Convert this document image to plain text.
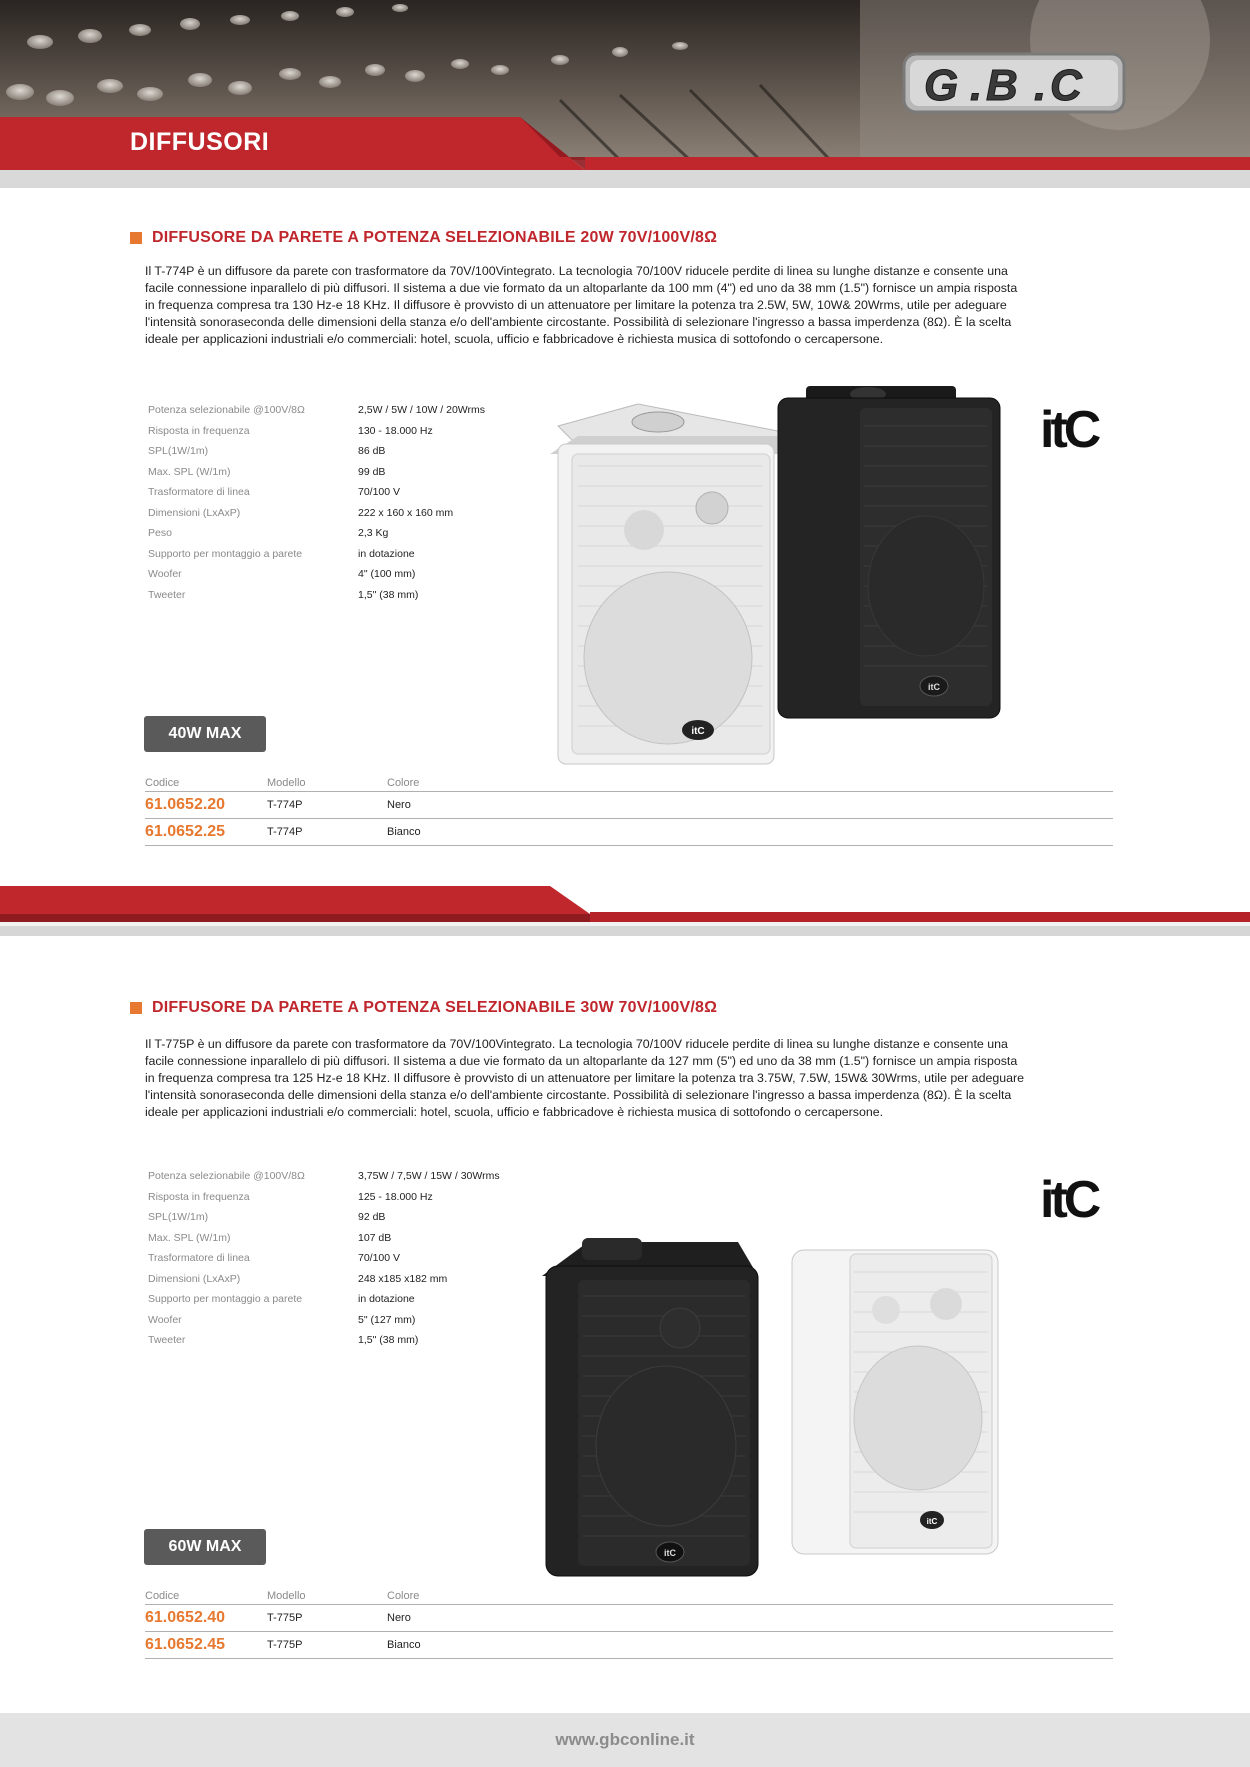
DIFFUSORI
G . B . C
DIFFUSORE DA PARETE A POTENZA SELEZIONABILE 20W 70V/100V/8Ω
Il T-774P è un diffusore da parete con trasformatore da 70V/100Vintegrato. La tecnologia 70/100V riducele perdite di linea su lunghe distanze e consente una
facile connessione inparallelo di più diffusori. Il sistema a due vie formato da un altoparlante da 100 mm (4") ed uno da 38 mm (1.5") fornisce un ampia risposta
in frequenza compresa tra 130 Hz-e 18 KHz. Il diffusore è provvisto di un attenuatore per limitare la potenza tra 2.5W, 5W, 10W& 20Wrms, utile per adeguare
l'intensità sonoraseconda delle dimensioni della stanza e/o dell'ambiente circostante. Possibilità di selezionare l'ingresso a bassa imperdenza (8Ω). È la scelta
ideale per applicazioni industriali e/o commerciali: hotel, scuola, ufficio e fabbricadove è richiesta musica di sottofondo o cercapersone.
Potenza selezionabile @100V/8Ω	2,5W / 5W / 10W / 20Wrms
Risposta in frequenza	130 - 18.000 Hz
SPL(1W/1m)	86 dB
Max. SPL (W/1m)	99 dB
Trasformatore di linea	70/100 V
Dimensioni (LxAxP)	222 x 160 x 160 mm
Peso	2,3 Kg
Supporto per montaggio a parete	in dotazione
Woofer	4" (100 mm)
Tweeter	1,5" (38 mm)
itC
itC
itC
40W MAX
Codice	Modello	Colore
61.0652.20	T-774P	Nero
61.0652.25	T-774P	Bianco
DIFFUSORE DA PARETE A POTENZA SELEZIONABILE 30W 70V/100V/8Ω
Il T-775P è un diffusore da parete con trasformatore da 70V/100Vintegrato. La tecnologia 70/100V riducele perdite di linea su lunghe distanze e consente una
facile connessione inparallelo di più diffusori. Il sistema a due vie formato da un altoparlante da 127 mm (5") ed uno da 38 mm (1.5") fornisce un ampia risposta
in frequenza compresa tra 125 Hz-e 18 KHz. Il diffusore è provvisto di un attenuatore per limitare la potenza tra 3.75W, 7.5W, 15W& 30Wrms, utile per adeguare
l'intensità sonoraseconda delle dimensioni della stanza e/o dell'ambiente circostante. Possibilità di selezionare l'ingresso a bassa imperdenza (8Ω). È la scelta
ideale per applicazioni industriali e/o commerciali: hotel, scuola, ufficio e fabbricadove è richiesta musica di sottofondo o cercapersone.
Potenza selezionabile @100V/8Ω	3,75W / 7,5W / 15W / 30Wrms
Risposta in frequenza	125 - 18.000 Hz
SPL(1W/1m)	92 dB
Max. SPL (W/1m)	107 dB
Trasformatore di linea	70/100 V
Dimensioni (LxAxP)	248 x185 x182 mm
Supporto per montaggio a parete	in dotazione
Woofer	5" (127 mm)
Tweeter	1,5" (38 mm)
itC
itC
itC
60W MAX
Codice	Modello	Colore
61.0652.40	T-775P	Nero
61.0652.45	T-775P	Bianco
www.gbconline.it
